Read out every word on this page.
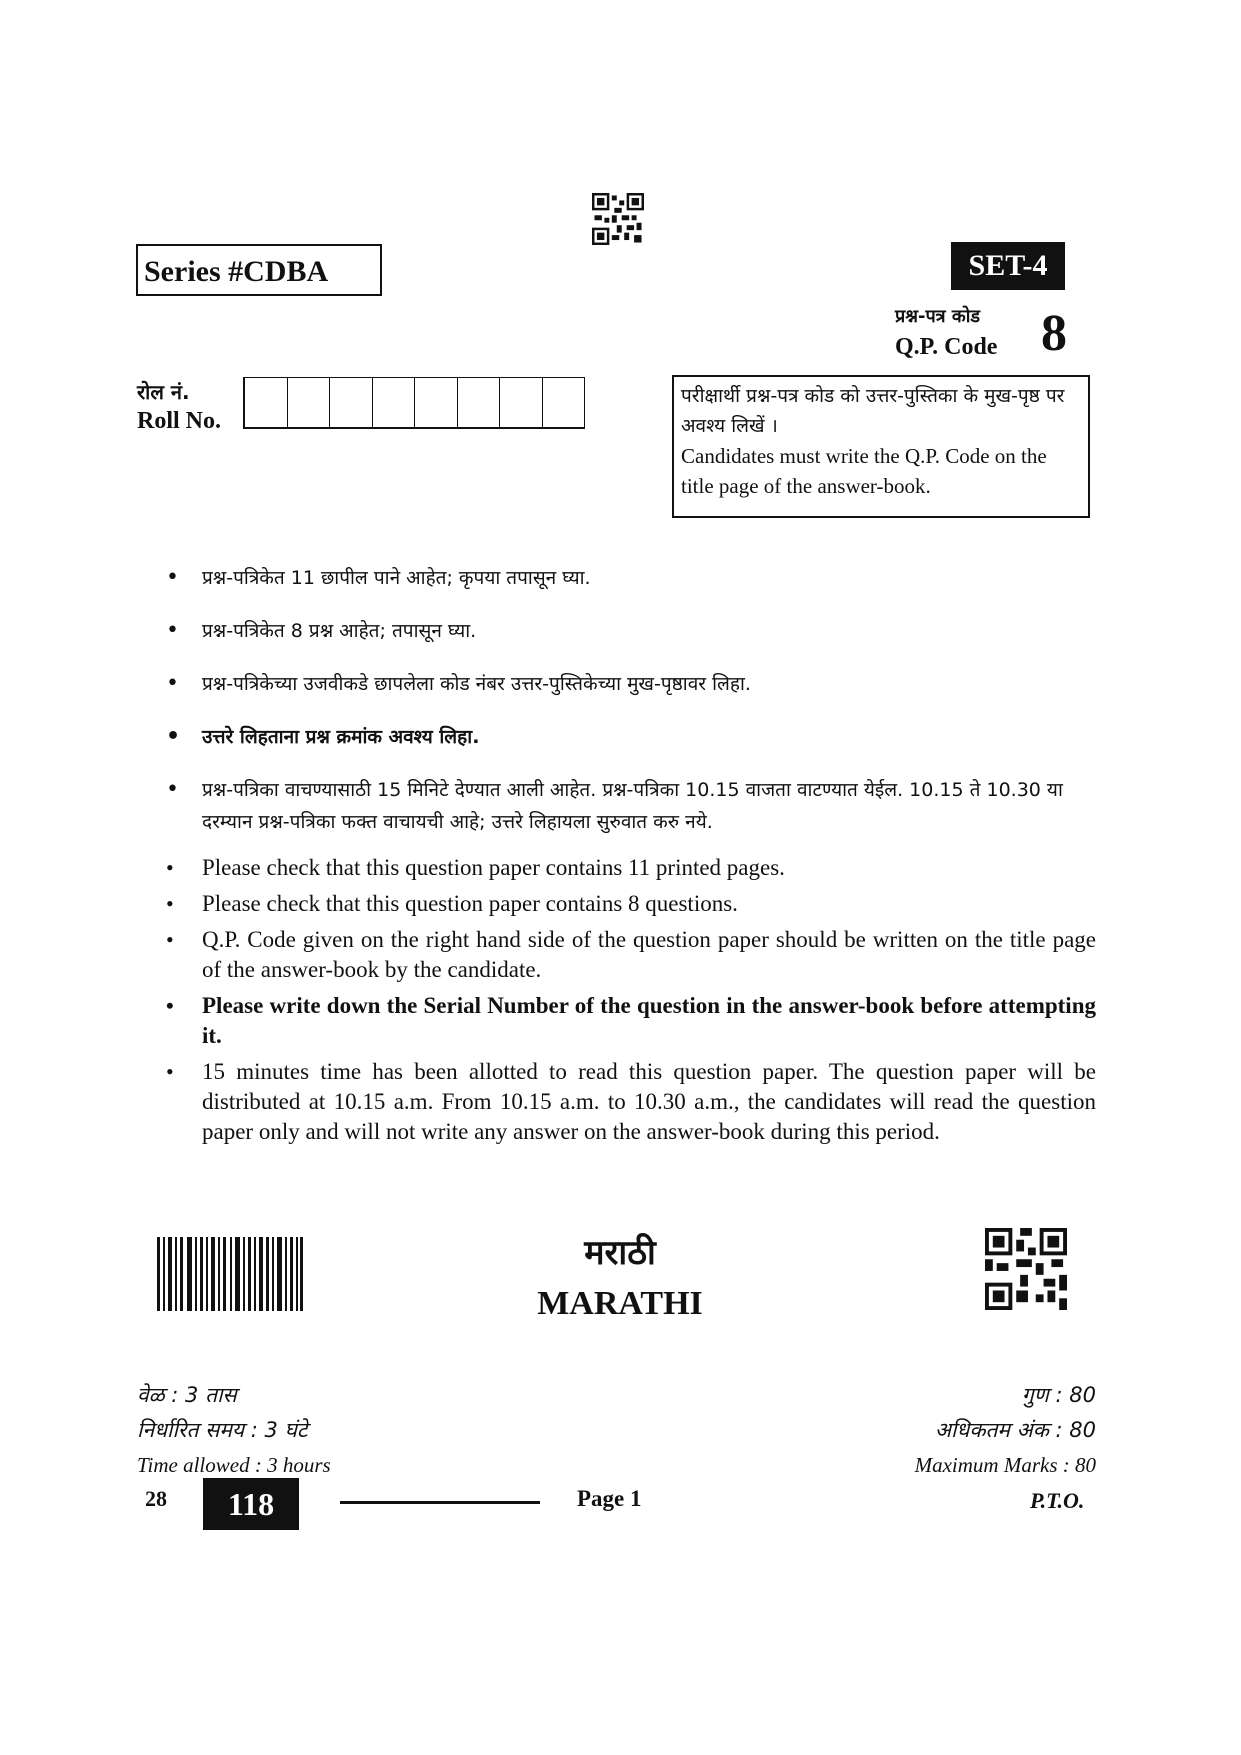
Series #CDBA	SET-4
प्रश्न-पत्र कोड
Q.P. Code 8
रोल नं.
Roll No.
परीक्षार्थी प्रश्न-पत्र कोड को उत्तर-पुस्तिका के मुख-पृष्ठ पर अवश्य लिखें ।
Candidates must write the Q.P. Code on the title page of the answer-book.
• प्रश्न-पत्रिकेत 11 छापील पाने आहेत; कृपया तपासून घ्या.
• प्रश्न-पत्रिकेत 8 प्रश्न आहेत; तपासून घ्या.
• प्रश्न-पत्रिकेच्या उजवीकडे छापलेला कोड नंबर उत्तर-पुस्तिकेच्या मुख-पृष्ठावर लिहा.
• उत्तरे लिहताना प्रश्न क्रमांक अवश्य लिहा.
• प्रश्न-पत्रिका वाचण्यासाठी 15 मिनिटे देण्यात आली आहेत. प्रश्न-पत्रिका 10.15 वाजता वाटण्यात येईल. 10.15 ते 10.30 या दरम्यान प्रश्न-पत्रिका फक्त वाचायची आहे; उत्तरे लिहायला सुरुवात करु नये.
• Please check that this question paper contains 11 printed pages.
• Please check that this question paper contains 8 questions.
• Q.P. Code given on the right hand side of the question paper should be written on the title page of the answer-book by the candidate.
• Please write down the Serial Number of the question in the answer-book before attempting it.
• 15 minutes time has been allotted to read this question paper. The question paper will be distributed at 10.15 a.m. From 10.15 a.m. to 10.30 a.m., the candidates will read the question paper only and will not write any answer on the answer-book during this period.
मराठी
MARATHI
वेळ : 3 तास
निर्धारित समय : 3 घंटे
Time allowed : 3 hours
गुण : 80
अधिकतम अंक : 80
Maximum Marks : 80
28	118	Page 1	P.T.O.
